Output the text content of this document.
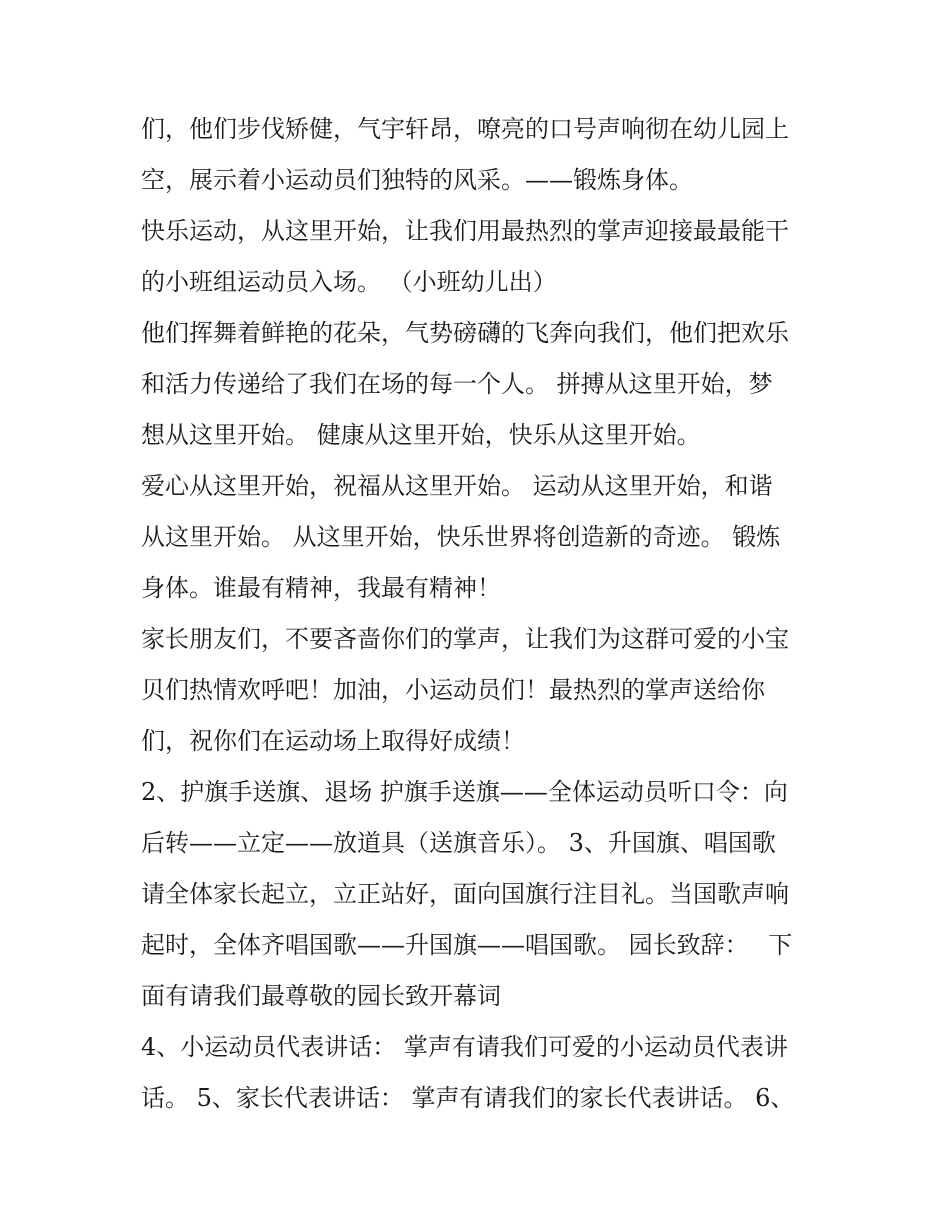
们，他们步伐矫健，气宇轩昂，嘹亮的口号声响彻在幼儿园上
空，展示着小运动员们独特的风采。——锻炼身体。
快乐运动，从这里开始，让我们用最热烈的掌声迎接最最能干
的小班组运动员入场。 （小班幼儿出）
他们挥舞着鲜艳的花朵，气势磅礴的飞奔向我们，他们把欢乐
和活力传递给了我们在场的每一个人。 拼搏从这里开始，梦
想从这里开始。 健康从这里开始，快乐从这里开始。
爱心从这里开始，祝福从这里开始。 运动从这里开始，和谐
从这里开始。 从这里开始，快乐世界将创造新的奇迹。 锻炼
身体。谁最有精神，我最有精神！
家长朋友们，不要吝啬你们的掌声，让我们为这群可爱的小宝
贝们热情欢呼吧！加油，小运动员们！最热烈的掌声送给你
们，祝你们在运动场上取得好成绩！
2、护旗手送旗、退场 护旗手送旗——全体运动员听口令：向
后转——立定——放道具（送旗音乐）。 3、升国旗、唱国歌
请全体家长起立，立正站好，面向国旗行注目礼。当国歌声响
起时，全体齐唱国歌——升国旗——唱国歌。 园长致辞：　 下
面有请我们最尊敬的园长致开幕词
4、小运动员代表讲话： 掌声有请我们可爱的小运动员代表讲
话。 5、家长代表讲话： 掌声有请我们的家长代表讲话。 6、
